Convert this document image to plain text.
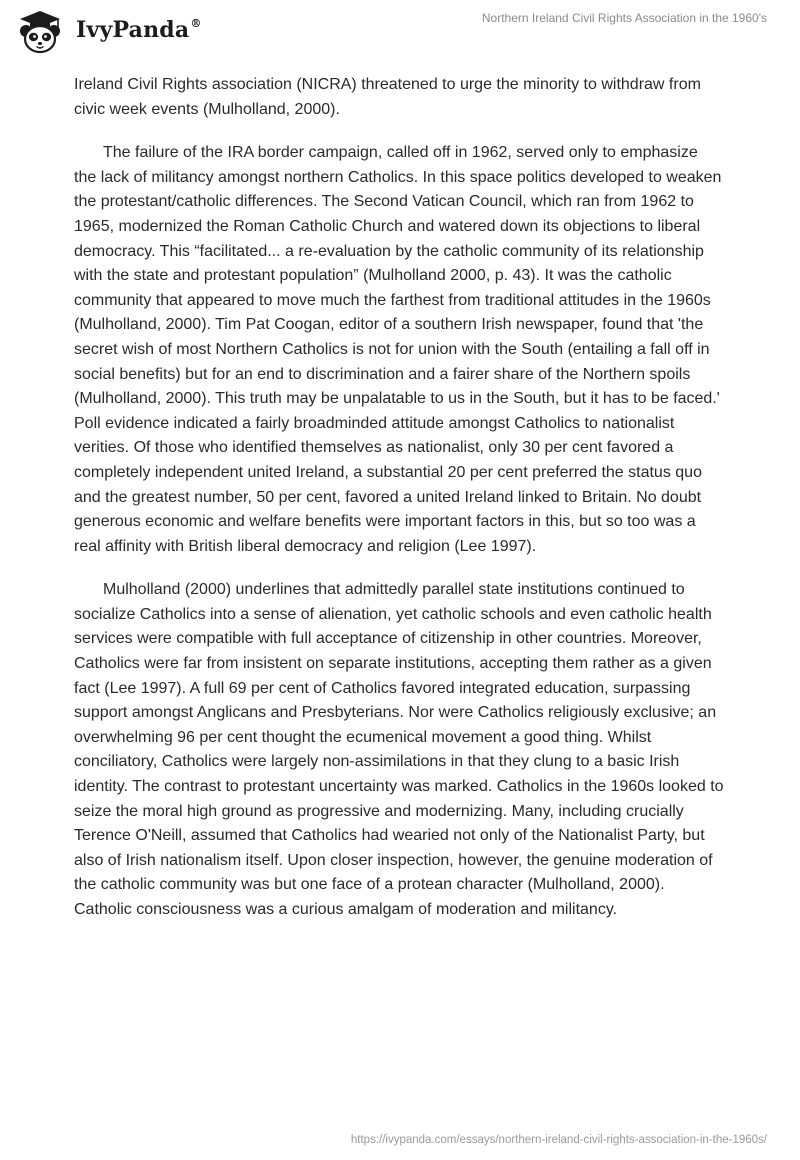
IvyPanda®	Northern Ireland Civil Rights Association in the 1960's

Ireland Civil Rights association (NICRA) threatened to urge the minority to withdraw from civic week events (Mulholland, 2000).

The failure of the IRA border campaign, called off in 1962, served only to emphasize the lack of militancy amongst northern Catholics. In this space politics developed to weaken the protestant/catholic differences. The Second Vatican Council, which ran from 1962 to 1965, modernized the Roman Catholic Church and watered down its objections to liberal democracy. This “facilitated... a re-evaluation by the catholic community of its relationship with the state and protestant population” (Mulholland 2000, p. 43). It was the catholic community that appeared to move much the farthest from traditional attitudes in the 1960s (Mulholland, 2000). Tim Pat Coogan, editor of a southern Irish newspaper, found that 'the secret wish of most Northern Catholics is not for union with the South (entailing a fall off in social benefits) but for an end to discrimination and a fairer share of the Northern spoils (Mulholland, 2000). This truth may be unpalatable to us in the South, but it has to be faced.' Poll evidence indicated a fairly broadminded attitude amongst Catholics to nationalist verities. Of those who identified themselves as nationalist, only 30 per cent favored a completely independent united Ireland, a substantial 20 per cent preferred the status quo and the greatest number, 50 per cent, favored a united Ireland linked to Britain. No doubt generous economic and welfare benefits were important factors in this, but so too was a real affinity with British liberal democracy and religion (Lee 1997).

Mulholland (2000) underlines that admittedly parallel state institutions continued to socialize Catholics into a sense of alienation, yet catholic schools and even catholic health services were compatible with full acceptance of citizenship in other countries. Moreover, Catholics were far from insistent on separate institutions, accepting them rather as a given fact (Lee 1997). A full 69 per cent of Catholics favored integrated education, surpassing support amongst Anglicans and Presbyterians. Nor were Catholics religiously exclusive; an overwhelming 96 per cent thought the ecumenical movement a good thing. Whilst conciliatory, Catholics were largely non-assimilations in that they clung to a basic Irish identity. The contrast to protestant uncertainty was marked. Catholics in the 1960s looked to seize the moral high ground as progressive and modernizing. Many, including crucially Terence O'Neill, assumed that Catholics had wearied not only of the Nationalist Party, but also of Irish nationalism itself. Upon closer inspection, however, the genuine moderation of the catholic community was but one face of a protean character (Mulholland, 2000). Catholic consciousness was a curious amalgam of moderation and militancy.

https://ivypanda.com/essays/northern-ireland-civil-rights-association-in-the-1960s/
